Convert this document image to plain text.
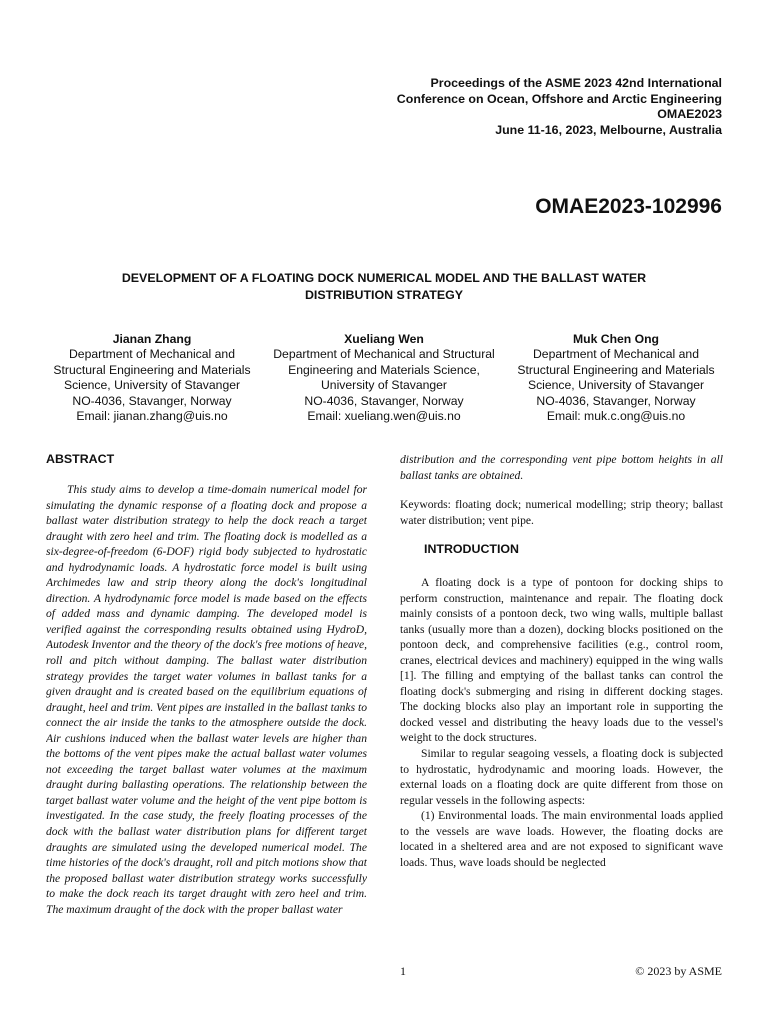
Proceedings of the ASME 2023 42nd International
Conference on Ocean, Offshore and Arctic Engineering
OMAE2023
June 11-16, 2023, Melbourne, Australia
OMAE2023-102996
DEVELOPMENT OF A FLOATING DOCK NUMERICAL MODEL AND THE BALLAST WATER
DISTRIBUTION STRATEGY
Jianan Zhang
Department of Mechanical and
Structural Engineering and Materials
Science, University of Stavanger
NO-4036, Stavanger, Norway
Email: jianan.zhang@uis.no
Xueliang Wen
Department of Mechanical and Structural
Engineering and Materials Science,
University of Stavanger
NO-4036, Stavanger, Norway
Email: xueliang.wen@uis.no
Muk Chen Ong
Department of Mechanical and
Structural Engineering and Materials
Science, University of Stavanger
NO-4036, Stavanger, Norway
Email: muk.c.ong@uis.no
ABSTRACT

This study aims to develop a time-domain numerical model for simulating the dynamic response of a floating dock and propose a ballast water distribution strategy to help the dock reach a target draught with zero heel and trim. The floating dock is modelled as a six-degree-of-freedom (6-DOF) rigid body subjected to hydrostatic and hydrodynamic loads. A hydrostatic force model is built using Archimedes law and strip theory along the dock's longitudinal direction. A hydrodynamic force model is made based on the effects of added mass and dynamic damping. The developed model is verified against the corresponding results obtained using HydroD, Autodesk Inventor and the theory of the dock's free motions of heave, roll and pitch without damping. The ballast water distribution strategy provides the target water volumes in ballast tanks for a given draught and is created based on the equilibrium equations of draught, heel and trim. Vent pipes are installed in the ballast tanks to connect the air inside the tanks to the atmosphere outside the dock. Air cushions induced when the ballast water levels are higher than the bottoms of the vent pipes make the actual ballast water volumes not exceeding the target ballast water volumes at the maximum draught during ballasting operations. The relationship between the target ballast water volume and the height of the vent pipe bottom is investigated. In the case study, the freely floating processes of the dock with the ballast water distribution plans for different target draughts are simulated using the developed numerical model. The time histories of the dock's draught, roll and pitch motions show that the proposed ballast water distribution strategy works successfully to make the dock reach its target draught with zero heel and trim. The maximum draught of the dock with the proper ballast water

distribution and the corresponding vent pipe bottom heights in all ballast tanks are obtained.

Keywords: floating dock; numerical modelling; strip theory; ballast water distribution; vent pipe.

INTRODUCTION

A floating dock is a type of pontoon for docking ships to perform construction, maintenance and repair. The floating dock mainly consists of a pontoon deck, two wing walls, multiple ballast tanks (usually more than a dozen), docking blocks positioned on the pontoon deck, and comprehensive facilities (e.g., control room, cranes, electrical devices and machinery) equipped in the wing walls [1]. The filling and emptying of the ballast tanks can control the floating dock's submerging and rising in different docking stages. The docking blocks also play an important role in supporting the docked vessel and distributing the heavy loads due to the vessel's weight to the dock structures.

Similar to regular seagoing vessels, a floating dock is subjected to hydrostatic, hydrodynamic and mooring loads. However, the external loads on a floating dock are quite different from those on regular vessels in the following aspects:

(1) Environmental loads. The main environmental loads applied to the vessels are wave loads. However, the floating docks are located in a sheltered area and are not exposed to significant wave loads. Thus, wave loads should be neglected

1	© 2023 by ASME
